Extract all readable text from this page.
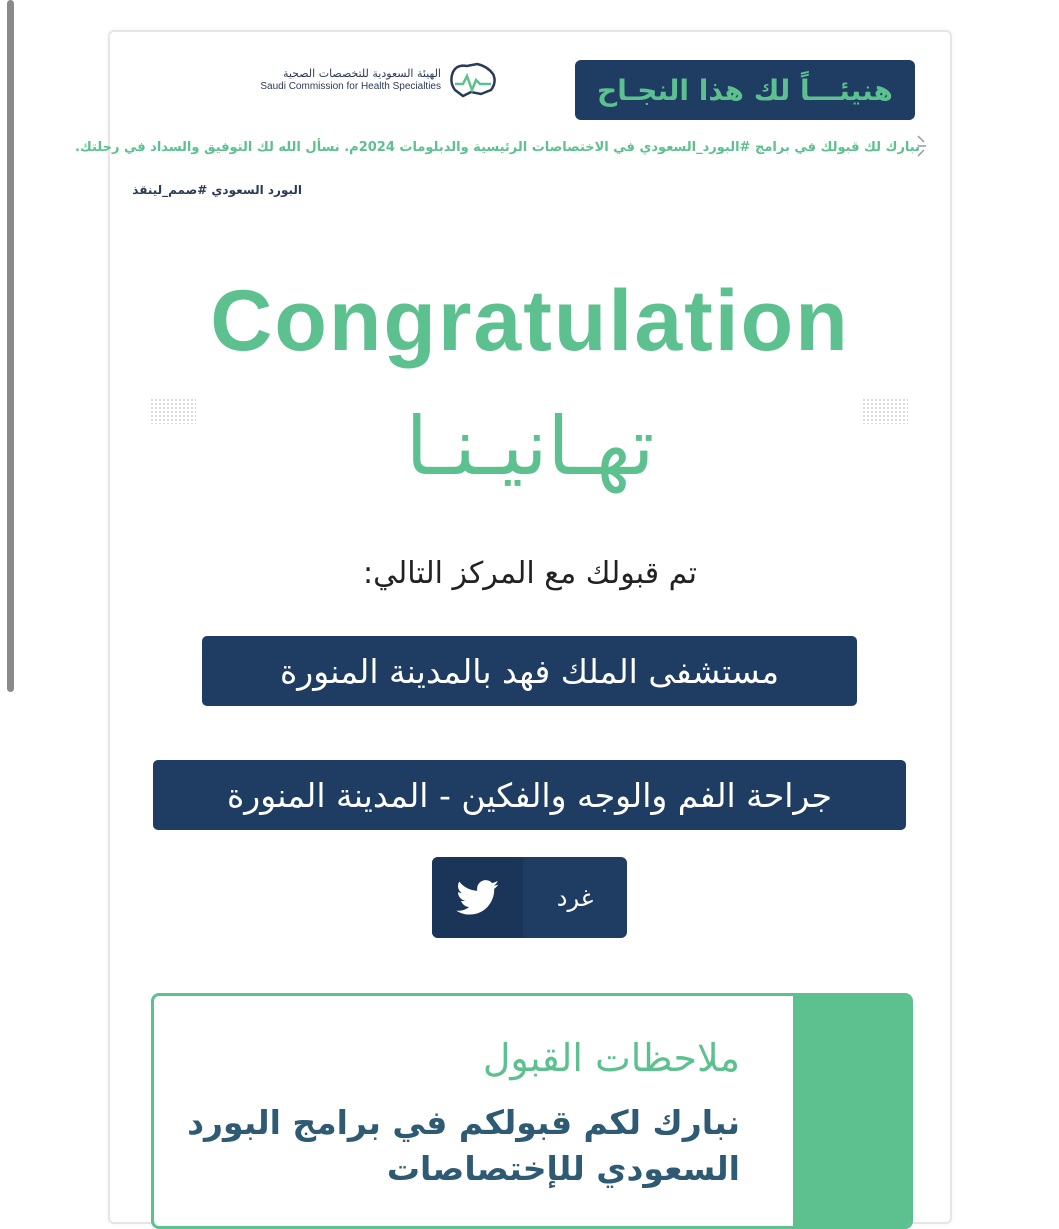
الهيئة السعودية للتخصصات الصحية
Saudi Commission for Health Specialties	هنيئـــاً لك هذا النجـاح
نبارك لك قبولك في برامج #البورد_السعودي في الاختصاصات الرئيسية والدبلومات 2024م. نسأل الله لك التوفيق والسداد في رحلتك.
البورد السعودي #صمم_لينقذ
Congratulation
تهـانيـنـا
تم قبولك مع المركز التالي:
مستشفى الملك فهد بالمدينة المنورة
جراحة الفم والوجه والفكين - المدينة المنورة
غرد
ملاحظات القبول
نبارك لكم قبولكم في برامج البورد السعودي للإختصاصات
